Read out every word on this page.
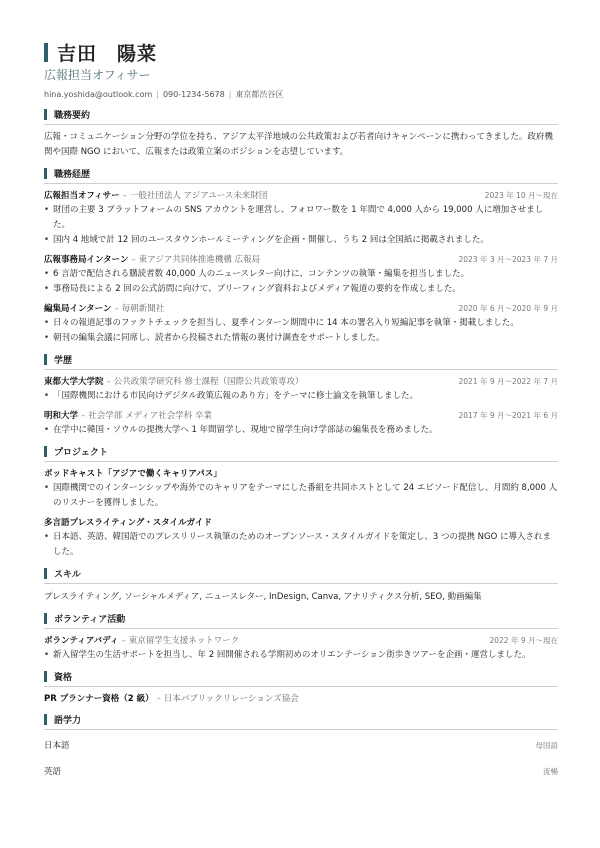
吉田　陽菜
広報担当オフィサー
hina.yoshida@outlook.com | 090-1234-5678 | 東京都渋谷区
職務要約
広報・コミュニケーション分野の学位を持ち、アジア太平洋地域の公共政策および若者向けキャンペーンに携わってきました。政府機関や国際 NGO において、広報または政策立案のポジションを志望しています。
職務経歴
広報担当オフィサー – 一般社団法人 アジアユース未来財団	2023 年 10 月～現在
• 財団の主要 3 プラットフォームの SNS アカウントを運営し、フォロワー数を 1 年間で 4,000 人から 19,000 人に増加させました。
• 国内 4 地域で計 12 回のユースタウンホールミーティングを企画・開催し、うち 2 回は全国紙に掲載されました。
広報事務局インターン – 東アジア共同体推進機構 広報局	2023 年 3 月～2023 年 7 月
• 6 言語で配信される購読者数 40,000 人のニュースレター向けに、コンテンツの執筆・編集を担当しました。
• 事務局長による 2 回の公式訪問に向けて、ブリーフィング資料およびメディア報道の要約を作成しました。
編集局インターン – 毎朝新聞社	2020 年 6 月～2020 年 9 月
• 日々の報道記事のファクトチェックを担当し、夏季インターン期間中に 14 本の署名入り短編記事を執筆・掲載しました。
• 朝刊の編集会議に同席し、読者から投稿された情報の裏付け調査をサポートしました。
学歴
東都大学大学院 – 公共政策学研究科 修士課程（国際公共政策専攻）	2021 年 9 月～2022 年 7 月
• 「国際機関における市民向けデジタル政策広報のあり方」をテーマに修士論文を執筆しました。
明和大学 – 社会学部 メディア社会学科 卒業	2017 年 9 月～2021 年 6 月
• 在学中に韓国・ソウルの提携大学へ 1 年間留学し、現地で留学生向け学部誌の編集長を務めました。
プロジェクト
ポッドキャスト「アジアで働くキャリアパス」
• 国際機関でのインターンシップや海外でのキャリアをテーマにした番組を共同ホストとして 24 エピソード配信し、月間約 8,000 人のリスナーを獲得しました。
多言語プレスライティング・スタイルガイド
• 日本語、英語、韓国語でのプレスリリース執筆のためのオープンソース・スタイルガイドを策定し、3 つの提携 NGO に導入されました。
スキル
プレスライティング, ソーシャルメディア, ニュースレター, InDesign, Canva, アナリティクス分析, SEO, 動画編集
ボランティア活動
ボランティアバディ – 東京留学生支援ネットワーク	2022 年 9 月～現在
• 新入留学生の生活サポートを担当し、年 2 回開催される学期初めのオリエンテーション街歩きツアーを企画・運営しました。
資格
PR プランナー資格（2 級） – 日本パブリックリレーションズ協会
語学力
日本語	母国語
英語	流暢
